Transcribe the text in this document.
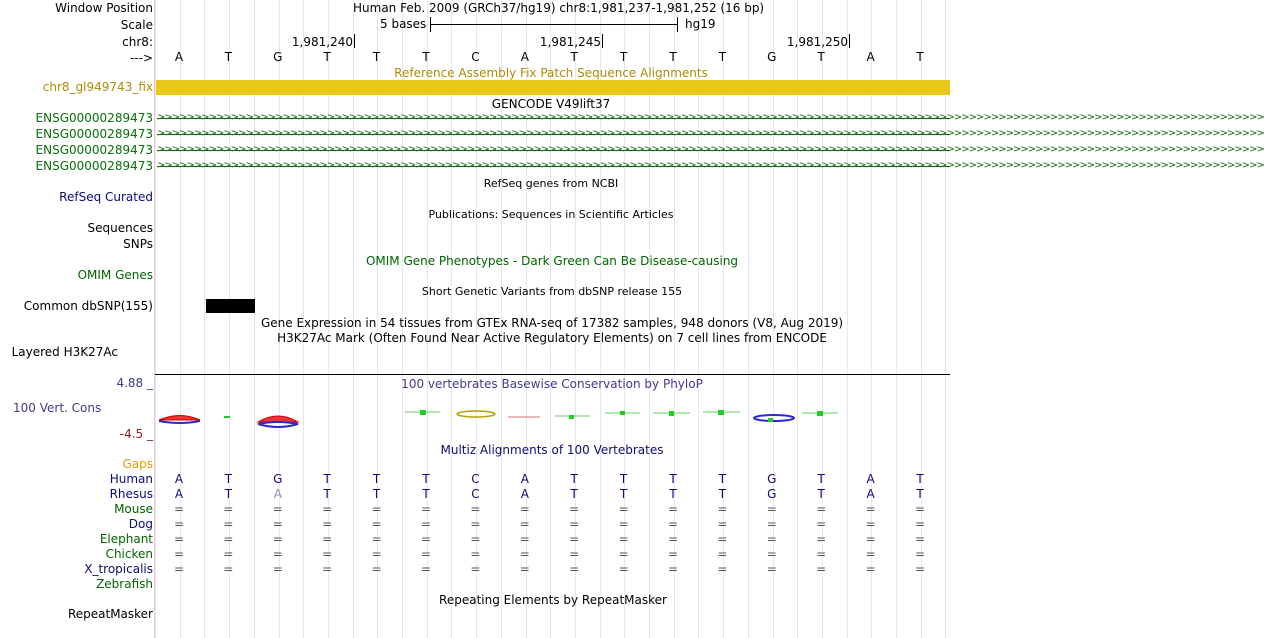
Window Position	Human Feb. 2009 (GRCh37/hg19) chr8:1,981,237-1,981,252 (16 bp)
Scale	5 bases	hg19
chr8:	1,981,240	1,981,245	1,981,250
--->
Reference Assembly Fix Patch Sequence Alignments
chr8_gl949743_fix
GENCODE V49lift37
RefSeq genes from NCBI
RefSeq Curated
Publications: Sequences in Scientific Articles
Sequences
SNPs
OMIM Gene Phenotypes - Dark Green Can Be Disease-causing
OMIM Genes
Short Genetic Variants from dbSNP release 155
Common dbSNP(155)
Gene Expression in 54 tissues from GTEx RNA-seq of 17382 samples, 948 donors (V8, Aug 2019)
H3K27Ac Mark (Often Found Near Active Regulatory Elements) on 7 cell lines from ENCODE
Layered H3K27Ac
100 vertebrates Basewise Conservation by PhyloP
4.88 _
100 Vert. Cons
-4.5 _
Multiz Alignments of 100 Vertebrates
Gaps
Repeating Elements by RepeatMasker
RepeatMasker
A	T	G	T	T	T	C	A	T	T	T	T	G	T	A	T
ENSG00000289473 >>>>>>>>>>>>>>>>>>>>>>>>>>>>>>>>>>>>>>>>>>>>>>>>>>>>>>>>>>>>>>>>>>>>>>>>>>>>>>>>>>>>>>>>>>>>>>>>>>>>>>>>>>>>>>>>>>>>>>>>>>>>>>>>>>>>>>>>>>>>>>>>>>>>>>
ENSG00000289473 >>>>>>>>>>>>>>>>>>>>>>>>>>>>>>>>>>>>>>>>>>>>>>>>>>>>>>>>>>>>>>>>>>>>>>>>>>>>>>>>>>>>>>>>>>>>>>>>>>>>>>>>>>>>>>>>>>>>>>>>>>>>>>>>>>>>>>>>>>>>>>>>>>>>>>
ENSG00000289473 >>>>>>>>>>>>>>>>>>>>>>>>>>>>>>>>>>>>>>>>>>>>>>>>>>>>>>>>>>>>>>>>>>>>>>>>>>>>>>>>>>>>>>>>>>>>>>>>>>>>>>>>>>>>>>>>>>>>>>>>>>>>>>>>>>>>>>>>>>>>>>>>>>>>>>
ENSG00000289473 >>>>>>>>>>>>>>>>>>>>>>>>>>>>>>>>>>>>>>>>>>>>>>>>>>>>>>>>>>>>>>>>>>>>>>>>>>>>>>>>>>>>>>>>>>>>>>>>>>>>>>>>>>>>>>>>>>>>>>>>>>>>>>>>>>>>>>>>>>>>>>>>>>>>>>
Human	A	T	G	T	T	T	C	A	T	T	T	T	G	T	A	T
Rhesus	A	T	A	T	T	T	C	A	T	T	T	T	G	T	A	T
Mouse	=	=	=	=	=	=	=	=	=	=	=	=	=	=	=	=
Dog	=	=	=	=	=	=	=	=	=	=	=	=	=	=	=	=
Elephant	=	=	=	=	=	=	=	=	=	=	=	=	=	=	=	=
Chicken	=	=	=	=	=	=	=	=	=	=	=	=	=	=	=	=
X_tropicalis	=	=	=	=	=	=	=	=	=	=	=	=	=	=	=	=
Zebrafish
